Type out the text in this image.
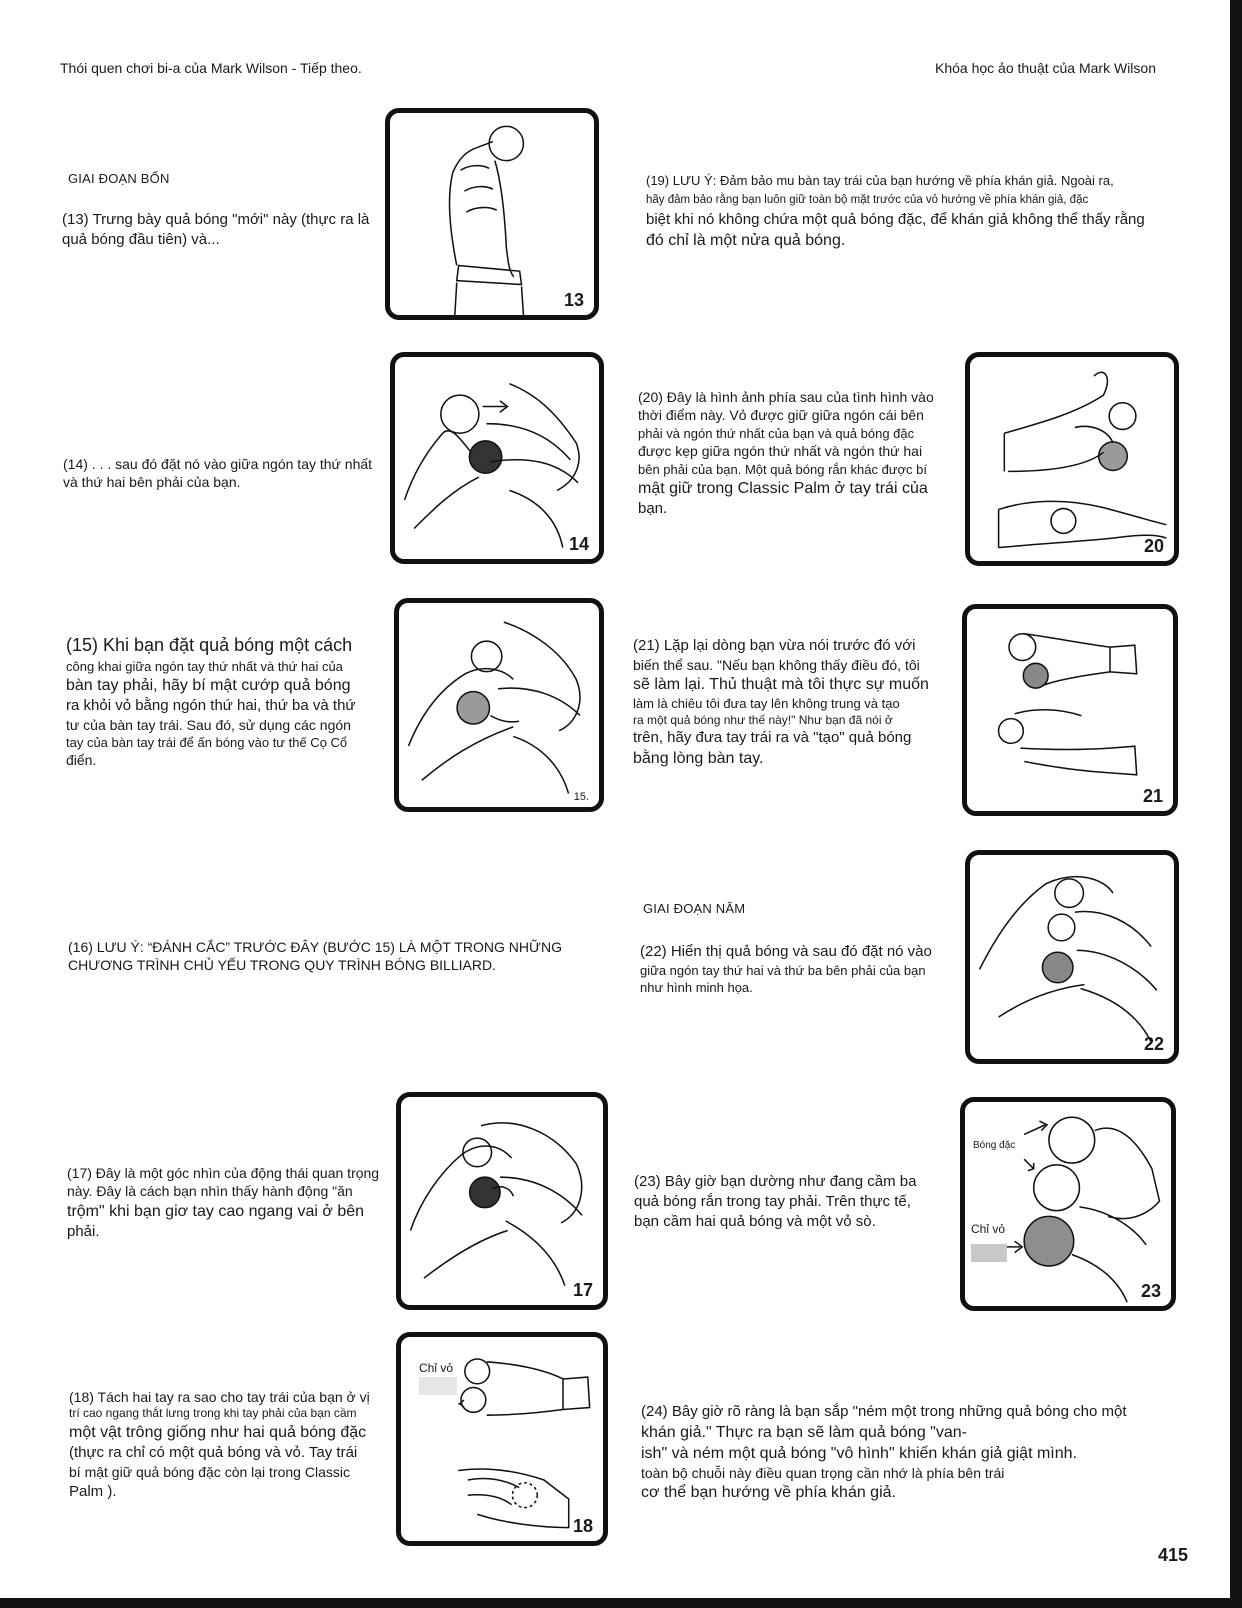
Thói quen chơi bi-a của Mark Wilson - Tiếp theo.	Khóa học ảo thuật của Mark Wilson
GIAI ĐOẠN BỐN
(13) Trưng bày quả bóng "mới" này (thực ra là quả bóng đầu tiên) và...
13
(19) LƯU Ý: Đảm bảo mu bàn tay trái của bạn hướng về phía khán giả. Ngoài ra,
hãy đảm bảo rằng bạn luôn giữ toàn bộ mặt trước của vỏ hướng về phía khán giả, đặc
biệt khi nó không chứa một quả bóng đặc, để khán giả không thể thấy rằng
đó chỉ là một nửa quả bóng.
(14) . . . sau đó đặt nó vào giữa ngón tay thứ nhất và thứ hai bên phải của bạn.
14
(20) Đây là hình ảnh phía sau của tình hình vào
thời điểm này. Vỏ được giữ giữa ngón cái bên
phải và ngón thứ nhất của bạn và quả bóng đặc
được kẹp giữa ngón thứ nhất và ngón thứ hai
bên phải của bạn. Một quả bóng rắn khác được bí
mật giữ trong Classic Palm ở tay trái của
bạn.
20
(15) Khi bạn đặt quả bóng một cách
công khai giữa ngón tay thứ nhất và thứ hai của
bàn tay phải, hãy bí mật cướp quả bóng
ra khỏi vỏ bằng ngón thứ hai, thứ ba và thứ
tư của bàn tay trái. Sau đó, sử dụng các ngón
tay của bàn tay trái để ấn bóng vào tư thế Cọ Cổ
điển.
15.
(21) Lặp lại dòng bạn vừa nói trước đó với
biến thể sau. "Nếu bạn không thấy điều đó, tôi
sẽ làm lại. Thủ thuật mà tôi thực sự muốn
làm là chiêu tôi đưa tay lên không trung và tạo
ra một quả bóng như thế này!" Như bạn đã nói ở
trên, hãy đưa tay trái ra và "tạo" quả bóng
bằng lòng bàn tay.
21
(16) LƯU Ý: “ĐÁNH CẮC” TRƯỚC ĐÂY (BƯỚC 15) LÀ MỘT TRONG NHỮNG CHƯƠNG TRÌNH CHỦ YẾU TRONG QUY TRÌNH BÓNG BILLIARD.
GIAI ĐOẠN NĂM
(22) Hiển thị quả bóng và sau đó đặt nó vào
giữa ngón tay thứ hai và thứ ba bên phải của bạn
như hình minh họa.
22
(17) Đây là một góc nhìn của động thái quan trọng
này. Đây là cách bạn nhìn thấy hành động "ăn
trộm" khi bạn giơ tay cao ngang vai ở bên
phải.
17
(23) Bây giờ bạn dường như đang cầm ba
quả bóng rắn trong tay phải. Trên thực tế,
bạn cầm hai quả bóng và một vỏ sò.
Bóng đặc
Chỉ vỏ
23
(18) Tách hai tay ra sao cho tay trái của bạn ở vị
trí cao ngang thắt lưng trong khi tay phải của bạn cầm
một vật trông giống như hai quả bóng đặc
(thực ra chỉ có một quả bóng và vỏ. Tay trái
bí mật giữ quả bóng đặc còn lại trong Classic
Palm ).
Chỉ vỏ
18
(24) Bây giờ rõ ràng là bạn sắp "ném một trong những quả bóng cho một
khán giả." Thực ra bạn sẽ làm quả bóng "van-
ish" và ném một quả bóng "vô hình" khiến khán giả giật mình.
toàn bộ chuỗi này điều quan trọng cần nhớ là phía bên trái
cơ thể bạn hướng về phía khán giả.
415
